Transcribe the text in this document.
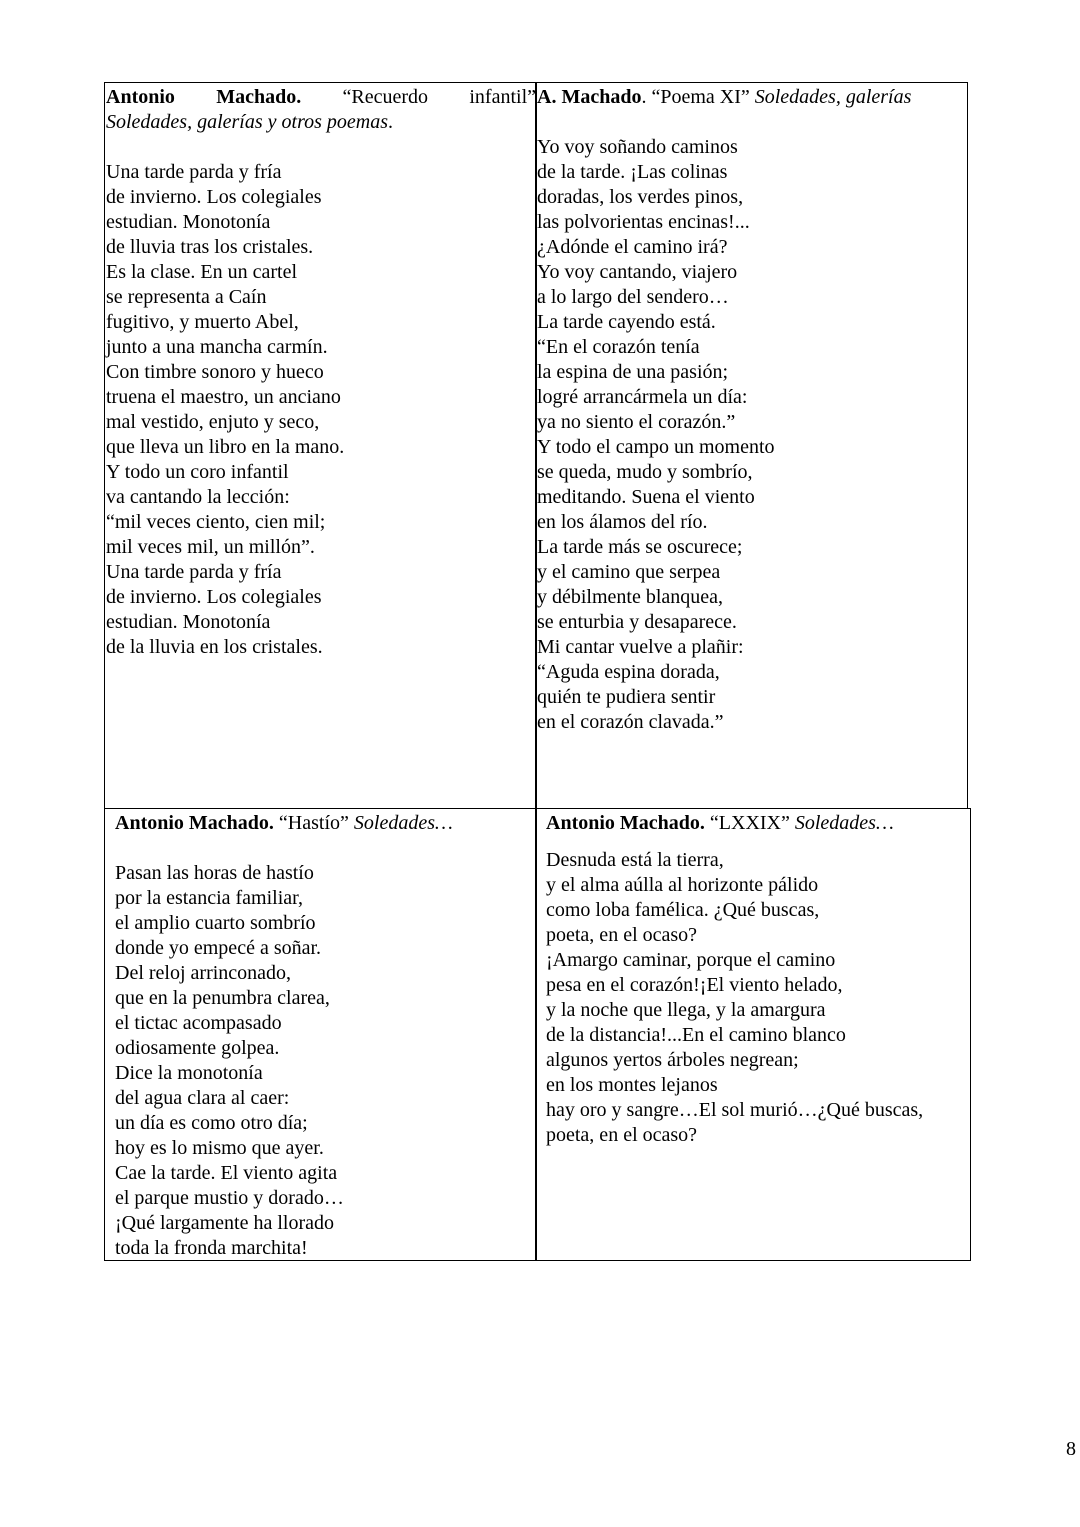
Antonio Machado. “Recuerdo infantil”
Soledades, galerías y otros poemas.
Una tarde parda y fría
de invierno. Los colegiales
estudian. Monotonía
de lluvia tras los cristales.
Es la clase. En un cartel
se representa a Caín
fugitivo, y muerto Abel,
junto a una mancha carmín.
Con timbre sonoro y hueco
truena el maestro, un anciano
mal vestido, enjuto y seco,
que lleva un libro en la mano.
Y todo un coro infantil
va cantando la lección:
“mil veces ciento, cien mil;
mil veces mil, un millón”.
Una tarde parda y fría
de invierno. Los colegiales
estudian. Monotonía
de la lluvia en los cristales.
A. Machado. “Poema XI” Soledades, galerías
Yo voy soñando caminos
de la tarde. ¡Las colinas
doradas, los verdes pinos,
las polvorientas encinas!...
¿Adónde el camino irá?
Yo voy cantando, viajero
a lo largo del sendero…
La tarde cayendo está.
“En el corazón tenía
la espina de una pasión;
logré arrancármela un día:
ya no siento el corazón.”
Y todo el campo un momento
se queda, mudo y sombrío,
meditando. Suena el viento
en los álamos del río.
La tarde más se oscurece;
y el camino que serpea
y débilmente blanquea,
se enturbia y desaparece.
Mi cantar vuelve a plañir:
“Aguda espina dorada,
quién te pudiera sentir
en el corazón clavada.”
Antonio Machado. “Hastío” Soledades…
Pasan las horas de hastío
por la estancia familiar,
el amplio cuarto sombrío
donde yo empecé a soñar.
Del reloj arrinconado,
que en la penumbra clarea,
el tictac acompasado
odiosamente golpea.
Dice la monotonía
del agua clara al caer:
un día es como otro día;
hoy es lo mismo que ayer.
Cae la tarde. El viento agita
el parque mustio y dorado…
¡Qué largamente ha llorado
toda la fronda marchita!
Antonio Machado. “LXXIX” Soledades…
Desnuda está la tierra,
y el alma aúlla al horizonte pálido
como loba famélica. ¿Qué buscas,
poeta, en el ocaso?
¡Amargo caminar, porque el camino
pesa en el corazón!¡El viento helado,
y la noche que llega, y la amargura
de la distancia!...En el camino blanco
algunos yertos árboles negrean;
en los montes lejanos
hay oro y sangre…El sol murió…¿Qué buscas,
poeta, en el ocaso?
8
